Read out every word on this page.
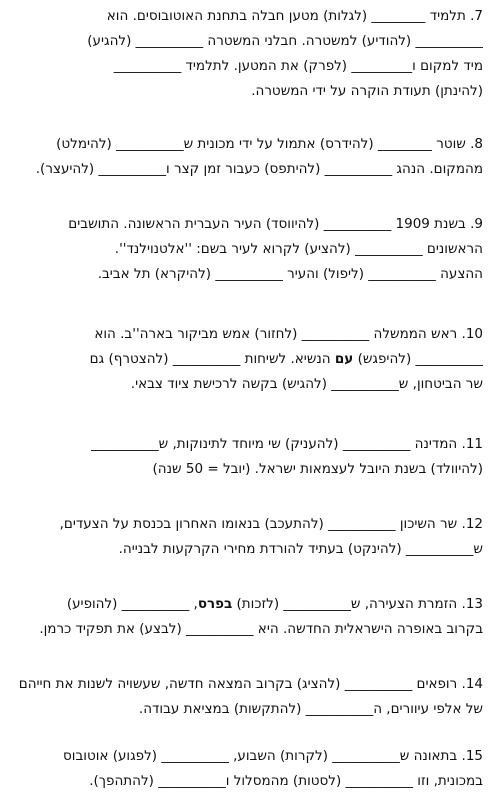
7. תלמיד ________ (לגלות) מטען חבלה בתחנת האוטובוסים. הוא
__________ (להודיע) למשטרה. חבלני המשטרה __________ (להגיע)
מיד למקום ו_________ (לפרק) את המטען. לתלמיד __________
(להינתן) תעודת הוקרה על ידי המשטרה.
8. שוטר ________ (להידרס) אתמול על ידי מכונית ש__________ (להימלט)
מהמקום. הנהג __________ (להיתפס) כעבור זמן קצר ו__________ (להיעצר).
9. בשנת 1909 __________ (להיווסד) העיר העברית הראשונה. התושבים
הראשונים __________ (להציע) לקרוא לעיר בשם: ''אלטנוילנד''.
ההצעה __________ (ליפול) והעיר __________ (להיקרא) תל אביב.
10. ראש הממשלה __________ (לחזור) אמש מביקור בארה''ב. הוא
__________ (להיפגש) עם הנשיא. לשיחות __________ (להצטרף) גם
שר הביטחון, ש__________ (להגיש) בקשה לרכישת ציוד צבאי.
11. המדינה __________ (להעניק) שי מיוחד לתינוקות, ש__________
(להיוולד) בשנת היובל לעצמאות ישראל. (יובל = 50 שנה)
12. שר השיכון __________ (להתעכב) בנאומו האחרון בכנסת על הצעדים,
ש__________ (להינקט) בעתיד להורדת מחירי הקרקעות לבנייה.
13. הזמרת הצעירה, ש__________ (לזכות) בפרס, __________ (להופיע)
בקרוב באופרה הישראלית החדשה. היא __________ (לבצע) את תפקיד כרמן.
14. רופאים __________ (להציג) בקרוב המצאה חדשה, שעשויה לשנות את חייהם
של אלפי עיוורים, ה__________ (להתקשות) במציאת עבודה.
15. בתאונה ש__________ (לקרות) השבוע, __________ (לפגוע) אוטובוס
במכונית, וזו __________ (לסטות) מהמסלול ו__________ (להתהפך).
